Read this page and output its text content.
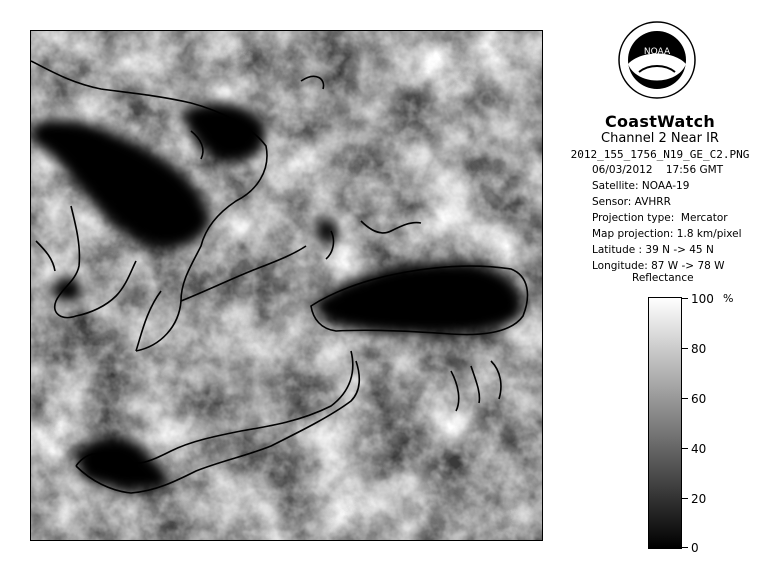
NOAA
CoastWatch
Channel 2 Near IR
2012_155_1756_N19_GE_C2.PNG
06/03/2012    17:56 GMT
Satellite: NOAA-19
Sensor: AVHRR
Projection type:  Mercator
Map projection: 1.8 km/pixel
Latitude : 39 N -> 45 N
Longitude: 87 W -> 78 W
Reflectance
%
100
80
60
40
20
0
